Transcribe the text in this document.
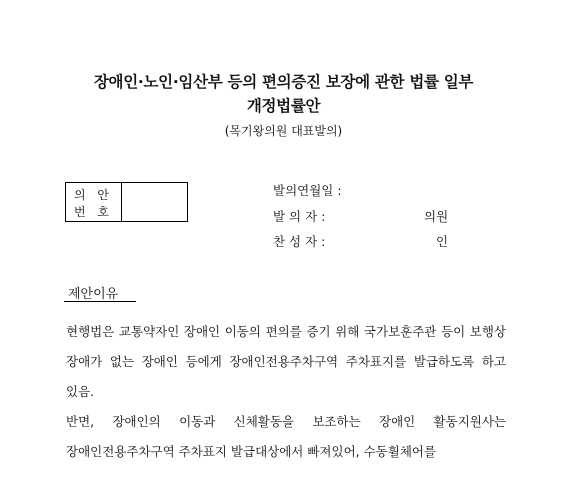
장애인·노인·임산부 등의 편의증진 보장에 관한 법률 일부
개정법률안
(목기왕의원 대표발의)
의 안
번 호
발의연월일 :
발 의 자 :	의원
찬 성 자 :	인
제안이유
현행법은 교통약자인 장애인 이동의 편의를 증기 위해 국가보훈주관 등이 보행상 장애가 없는 장애인 등에게 장애인전용주차구역 주차표지를 발급하도록 하고 있음.
반면, 장애인의 이동과 신체활동을 보조하는 장애인 활동지원사는 장애인전용주차구역 주차표지 발급대상에서 빠져있어, 수동휠체어를
